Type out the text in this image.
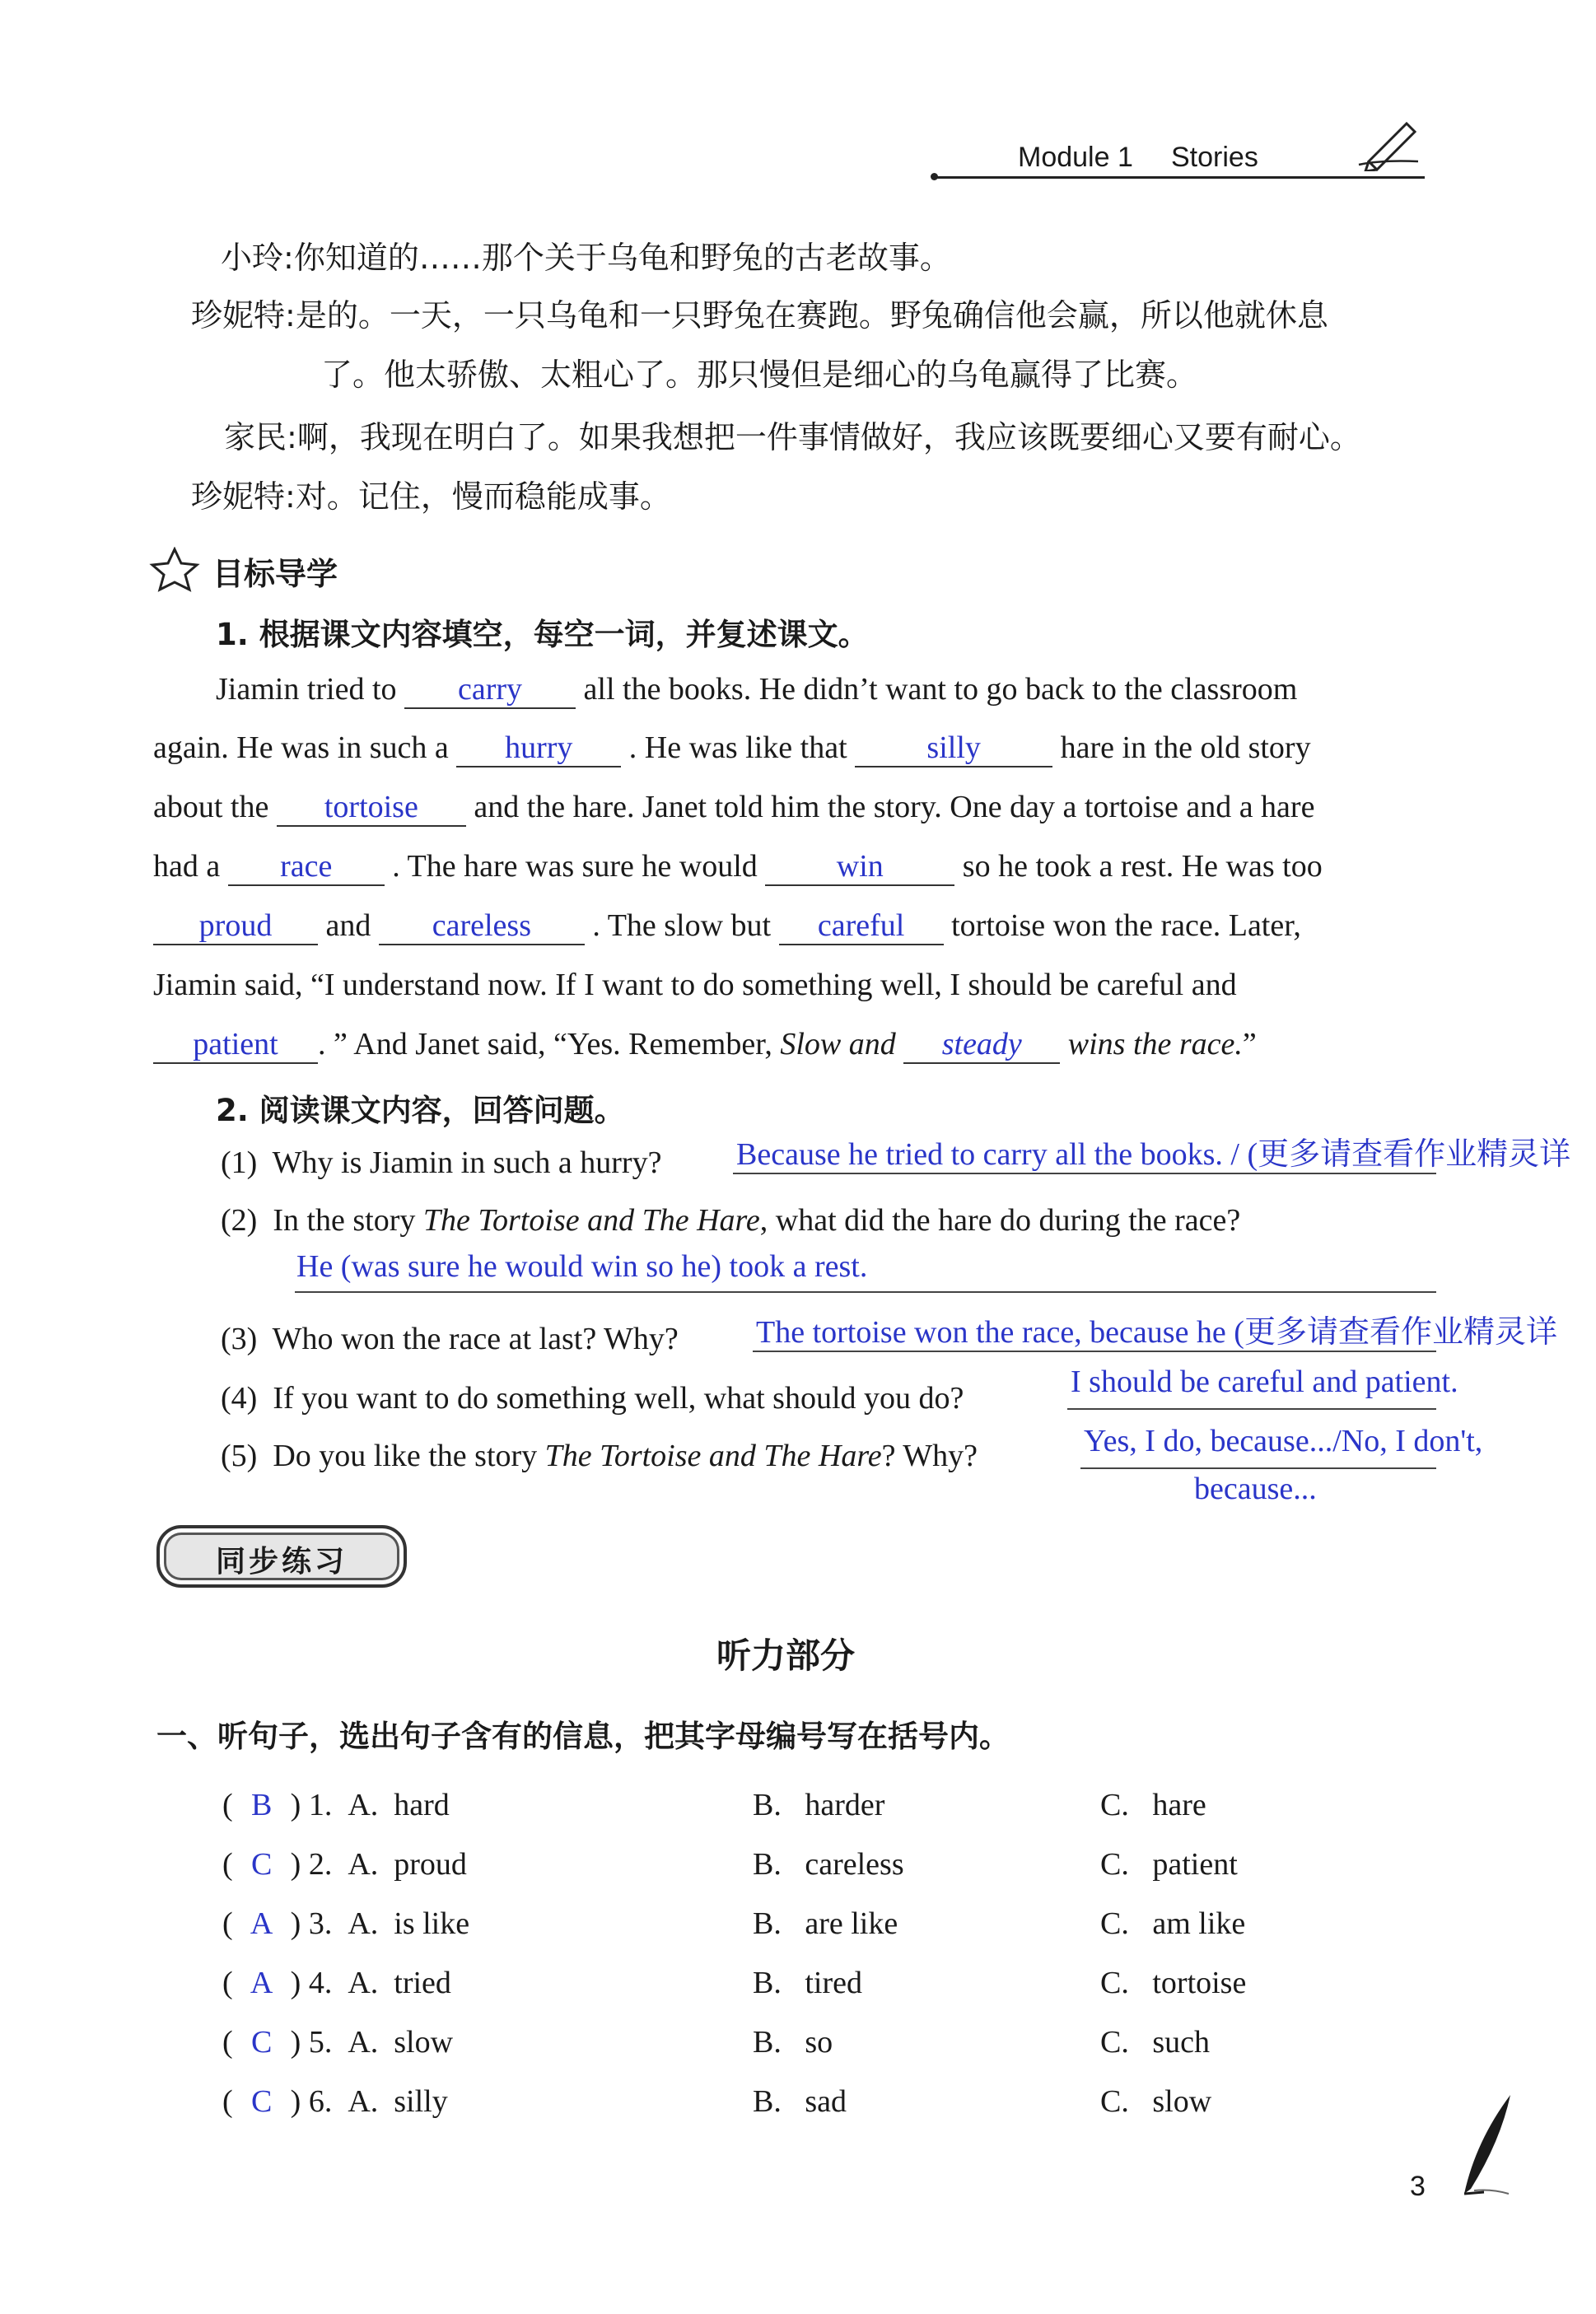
Module 1 Stories
小玲:你知道的……那个关于乌龟和野兔的古老故事。
珍妮特:是的。一天，一只乌龟和一只野兔在赛跑。野兔确信他会赢，所以他就休息
了。他太骄傲、太粗心了。那只慢但是细心的乌龟赢得了比赛。
家民:啊，我现在明白了。如果我想把一件事情做好，我应该既要细心又要有耐心。
珍妮特:对。记住，慢而稳能成事。
目标导学
1. 根据课文内容填空，每空一词，并复述课文。
Jiamin tried to carry all the books. He didn’t want to go back to the classroom
again. He was in such a hurry . He was like that	silly	hare in the old story
about the tortoise and the hare. Janet told him the story. One day a tortoise and a hare
had a race . The hare was sure he would	win	so he took a rest. He was too
proud and careless . The slow but careful tortoise won the race. Later,
Jiamin said, “I understand now. If I want to do something well, I should be careful and
patient . ” And Janet said, “Yes. Remember, Slow and steady wins the race.”
2. 阅读课文内容，回答问题。
(1) Why is Jiamin in such a hurry? Because he tried to carry all the books. / (更多请查看作业精灵详
(2) In the story The Tortoise and The Hare, what did the hare do during the race?
He (was sure he would win so he) took a rest.
(3) Who won the race at last? Why? The tortoise won the race, because he (更多请查看作业精灵详
(4) If you want to do something well, what should you do?	I should be careful and patient.
(5) Do you like the story The Tortoise and The Hare? Why?	Yes, I do, because.../No, I don't,
because...
同步练习
听力部分
一、听句子，选出句子含有的信息，把其字母编号写在括号内。
( B ) 1. A. hard	B. harder	C. hare
( C ) 2. A. proud	B. careless	C. patient
( A ) 3. A. is like	B. are like	C. am like
( A ) 4. A. tried	B. tired	C. tortoise
( C ) 5. A. slow	B. so	C. such
( C ) 6. A. silly	B. sad	C. slow
3
